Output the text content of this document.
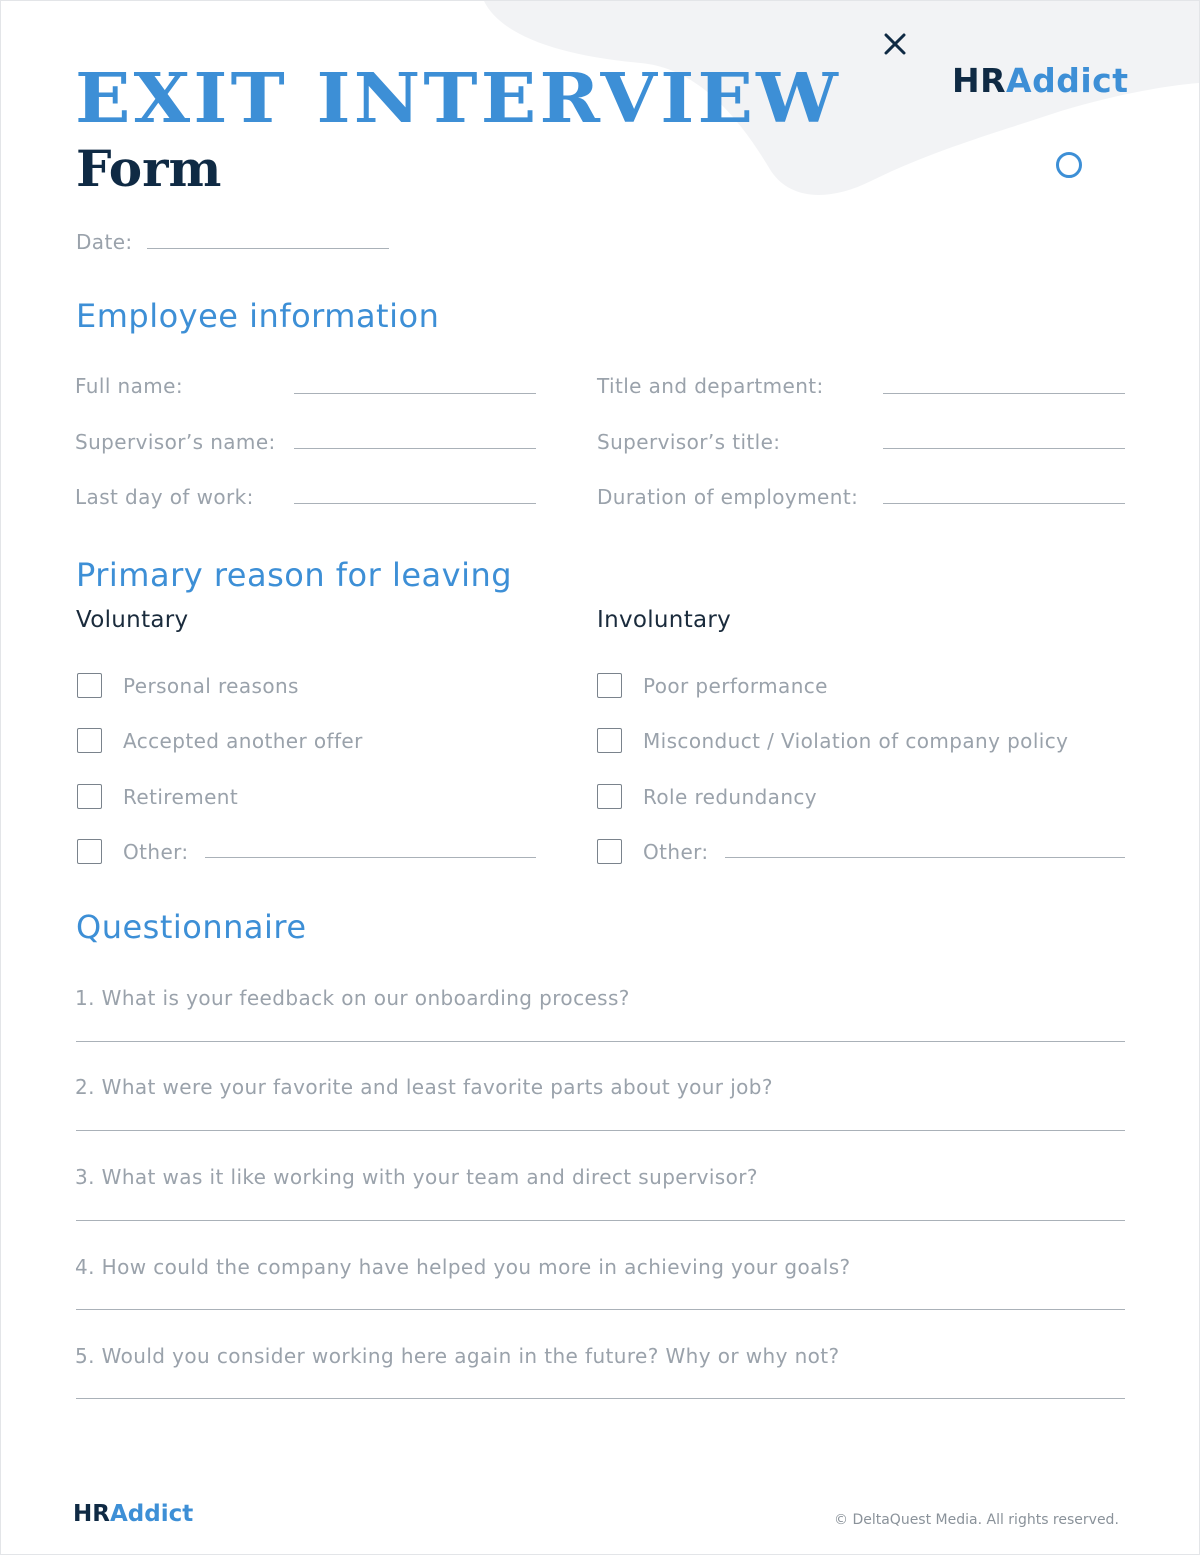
HRAddict
EXIT INTERVIEW
Form
Date:
Employee information
Full name:
Supervisor’s name:
Last day of work:
Title and department:
Supervisor’s title:
Duration of employment:
Primary reason for leaving
Voluntary	Involuntary
Personal reasons
Accepted another offer
Retirement
Other:
Poor performance
Misconduct / Violation of company policy
Role redundancy
Other:
Questionnaire
1. What is your feedback on our onboarding process?
2. What were your favorite and least favorite parts about your job?
3. What was it like working with your team and direct supervisor?
4. How could the company have helped you more in achieving your goals?
5. Would you consider working here again in the future? Why or why not?
HRAddict	© DeltaQuest Media. All rights reserved.
